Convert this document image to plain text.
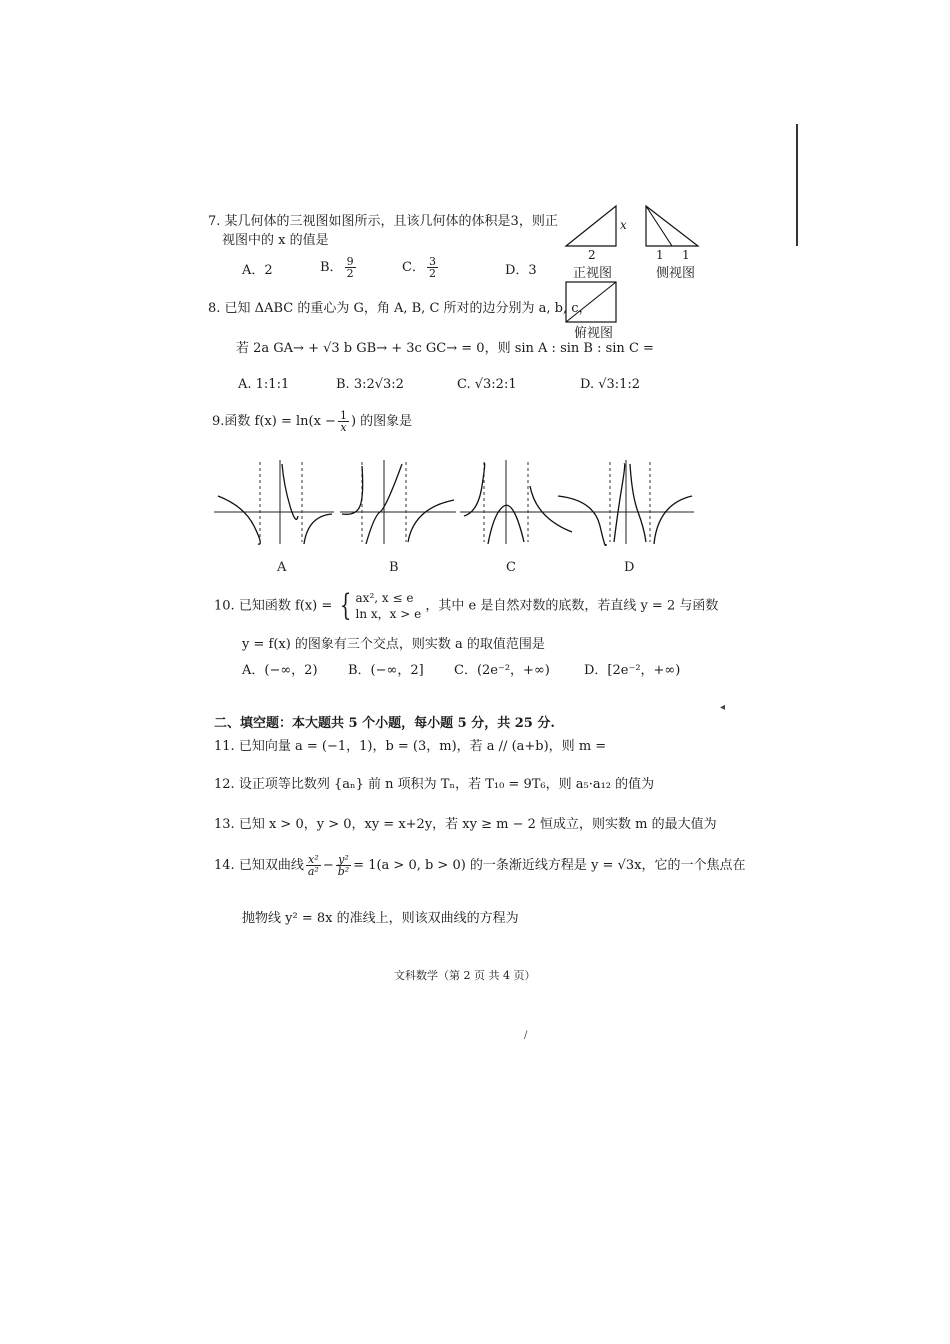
7. 某几何体的三视图如图所示，且该几何体的体积是3，则正
视图中的 x 的值是
A．2	B． $\frac{9}{2}$	C． $\frac{3}{2}$	D．3
x
2
正视图
1 1
侧视图
俯视图
8. 已知 ΔABC 的重心为 G，角 A, B, C 所对的边分别为 a, b, c，
若 2a GA→ + √3 b GB→ + 3c GC→ = 0，则 sin A : sin B : sin C =
A. 1:1:1	B. 3:2√3:2	C. √3:2:1	D. √3:1:2
9.函数 $f(x) = \ln(x - \frac{1}{x}$ ) 的图象是
A	B	C	D
10. 已知函数 f(x) = { ax², x ≤ e
ln x，x > e
，其中 e 是自然对数的底数，若直线 y = 2 与函数
y = f(x) 的图象有三个交点，则实数 a 的取值范围是
A．(−∞，2) B．(−∞，2] C．(2e⁻²，+∞)	D．[2e⁻²，+∞)
◂
二、填空题：本大题共 5 个小题，每小题 5 分，共 25 分.
11. 已知向量 a = (−1，1)，b = (3，m)，若 a // (a+b)，则 m =
12. 设正项等比数列 {aₙ} 前 n 项积为 Tₙ，若 T₁₀ = 9T₆，则 a₅·a₁₂ 的值为
13. 已知 x > 0，y > 0，xy = x+2y，若 xy ≥ m − 2 恒成立，则实数 m 的最大值为
14. 已知双曲线 $\frac{\text{x²}}{\text{a²}} - \frac{\text{y²}}{\text{b²}} = 1(a > 0$, b > 0) 的一条渐近线方程是 y = √3x，它的一个焦点在
抛物线 y² = 8x 的准线上，则该双曲线的方程为
文科数学（第 2 页 共 4 页）
/
